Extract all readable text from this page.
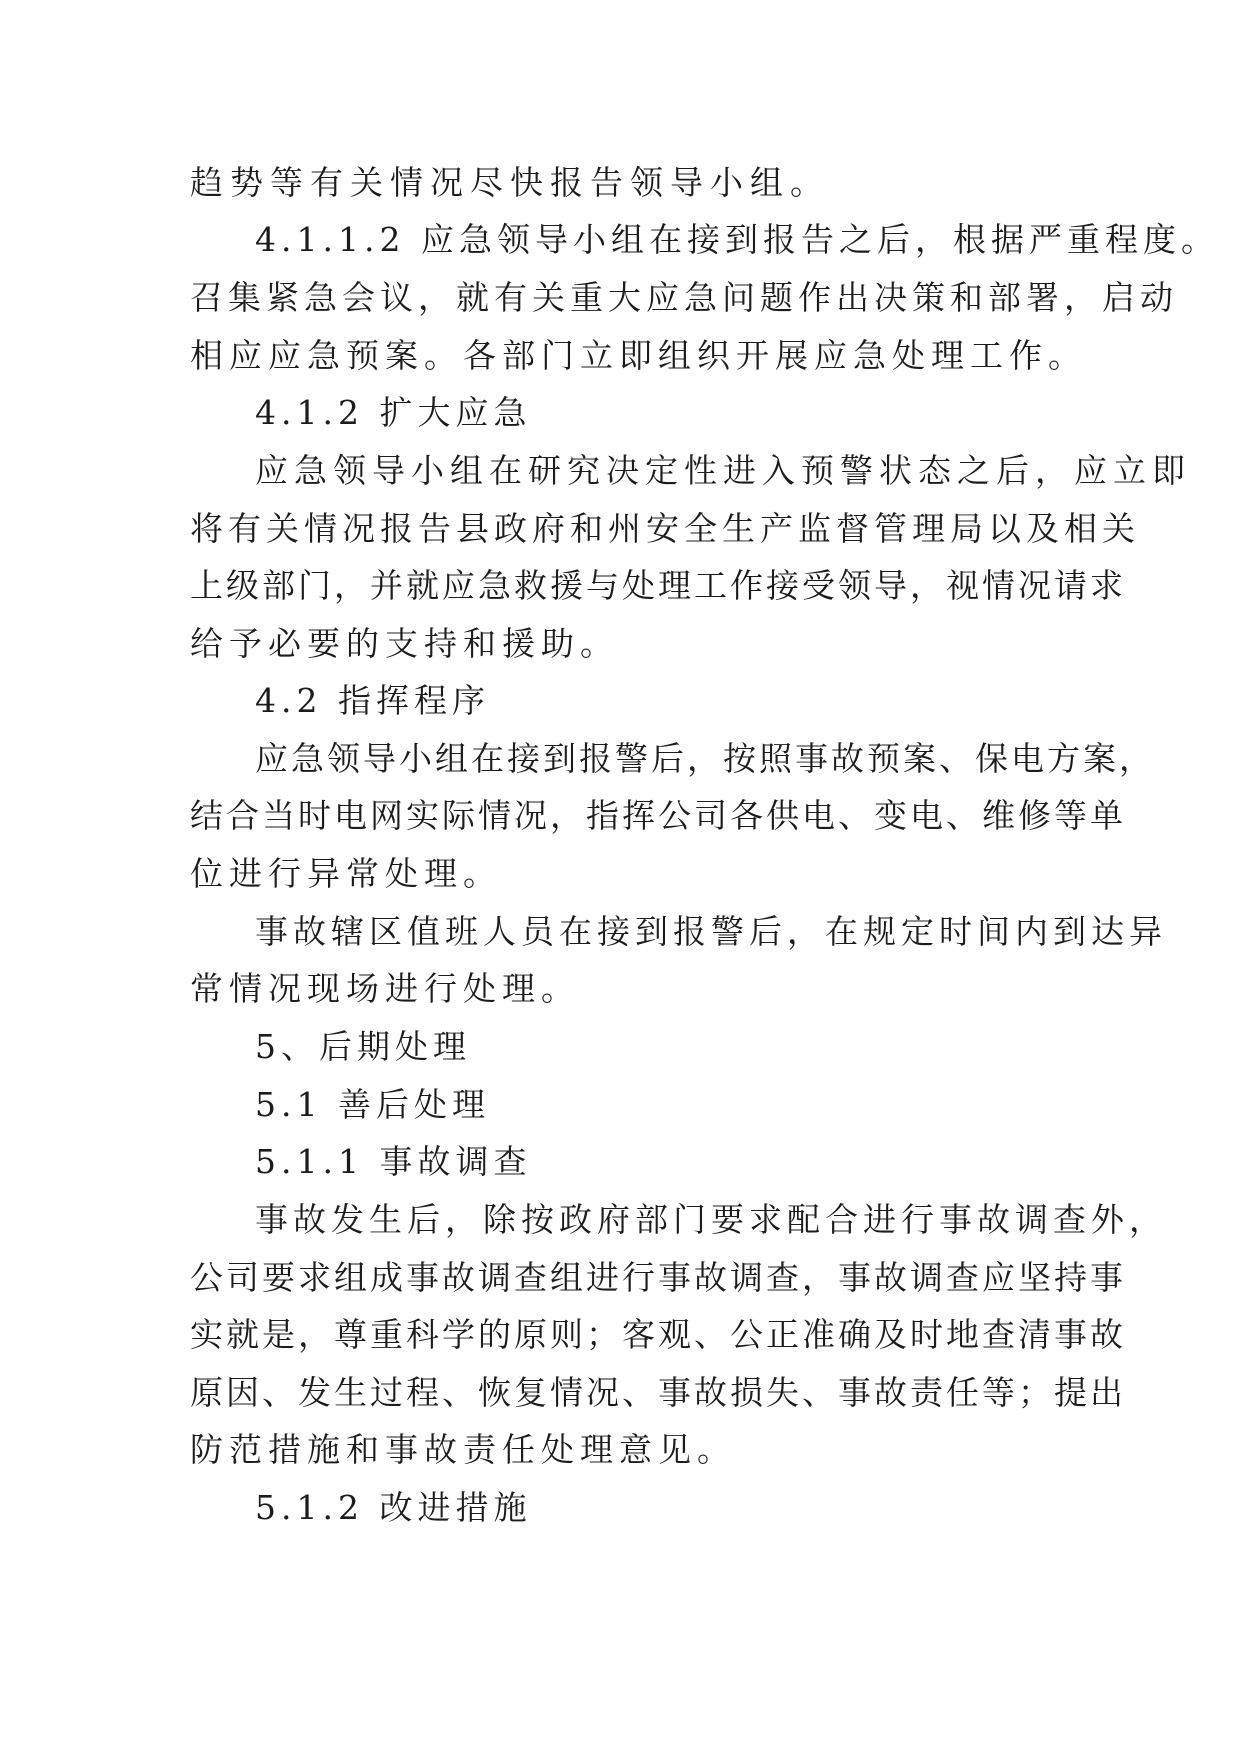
趋势等有关情况尽快报告领导小组。

4.1.1.2 应急领导小组在接到报告之后，根据严重程度。

召集紧急会议，就有关重大应急问题作出决策和部署，启动

相应应急预案。各部门立即组织开展应急处理工作。

4.1.2 扩大应急

应急领导小组在研究决定性进入预警状态之后，应立即

将有关情况报告县政府和州安全生产监督管理局以及相关

上级部门，并就应急救援与处理工作接受领导，视情况请求

给予必要的支持和援助。

4.2 指挥程序

应急领导小组在接到报警后，按照事故预案、保电方案，

结合当时电网实际情况，指挥公司各供电、变电、维修等单

位进行异常处理。

事故辖区值班人员在接到报警后，在规定时间内到达异

常情况现场进行处理。

5、后期处理

5.1 善后处理

5.1.1 事故调查

事故发生后，除按政府部门要求配合进行事故调查外，

公司要求组成事故调查组进行事故调查，事故调查应坚持事

实就是，尊重科学的原则；客观、公正准确及时地查清事故

原因、发生过程、恢复情况、事故损失、事故责任等；提出

防范措施和事故责任处理意见。

5.1.2 改进措施
